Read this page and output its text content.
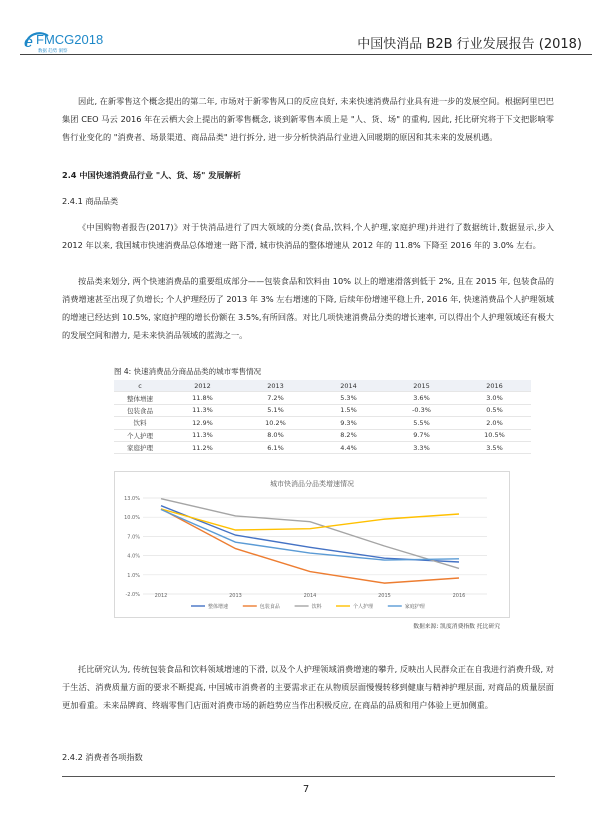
e FMCG2018
数据 趋势 洞察	中国快消品 B2B 行业发展报告 (2018)
因此, 在新零售这个概念提出的第二年, 市场对于新零售风口的反应良好, 未来快速消费品行业具有进一步的发展空间。根据阿里巴巴集团 CEO 马云 2016 年在云栖大会上提出的新零售概念, 谈到新零售本质上是 "人、货、场" 的重构, 因此, 托比研究将于下文把影响零售行业变化的 "消费者、场景渠道、商品品类" 进行拆分, 进一步分析快消品行业进入回暖期的原因和其未来的发展机遇。
2.4 中国快速消费品行业 "人、货、场" 发展解析
2.4.1 商品品类
《中国购物者报告(2017)》对于快消品进行了四大领域的分类(食品,饮料,个人护理,家庭护理)并进行了数据统计,数据显示,步入 2012 年以来, 我国城市快速消费品总体增速一路下滑, 城市快消品的整体增速从 2012 年的 11.8% 下降至 2016 年的 3.0% 左右。
按品类来划分, 两个快速消费品的重要组成部分——包装食品和饮料由 10% 以上的增速滑落到低于 2%, 且在 2015 年, 包装食品的消费增速甚至出现了负增长; 个人护理经历了 2013 年 3% 左右增速的下降, 后续年份增速平稳上升, 2016 年, 快速消费品个人护理领域的增速已经达到 10.5%, 家庭护理的增长份额在 3.5%,有所回落。对比几项快速消费品分类的增长速率, 可以得出个人护理领域还有极大的发展空间和潜力, 是未来快消品领域的蓝海之一。
图 4: 快速消费品分商品品类的城市零售情况
c	2012	2013	2014	2015	2016
整体增速	11.8%	7.2%	5.3%	3.6%	3.0%
包装食品	11.3%	5.1%	1.5%	-0.3%	0.5%
饮料	12.9%	10.2%	9.3%	5.5%	2.0%
个人护理	11.3%	8.0%	8.2%	9.7%	10.5%
家庭护理	11.2%	6.1%	4.4%	3.3%	3.5%
城市快消品分品类增速情况
13.0%
10.0%
7.0%
4.0%
1.0%
-2.0%	2012	2013	2014	2015	2016
整体增速	包装食品	饮料	个人护理	家庭护理
数据来源: 凯度消费指数 托比研究
托比研究认为, 传统包装食品和饮料领域增速的下滑, 以及个人护理领域消费增速的攀升, 反映出人民群众正在自我进行消费升级, 对于生活、消费质量方面的要求不断提高, 中国城市消费者的主要需求正在从物质层面慢慢转移到健康与精神护理层面, 对商品的质量层面更加看重。未来品牌商、终端零售门店面对消费市场的新趋势应当作出积极反应, 在商品的品质和用户体验上更加侧重。
2.4.2 消费者各项指数
7
